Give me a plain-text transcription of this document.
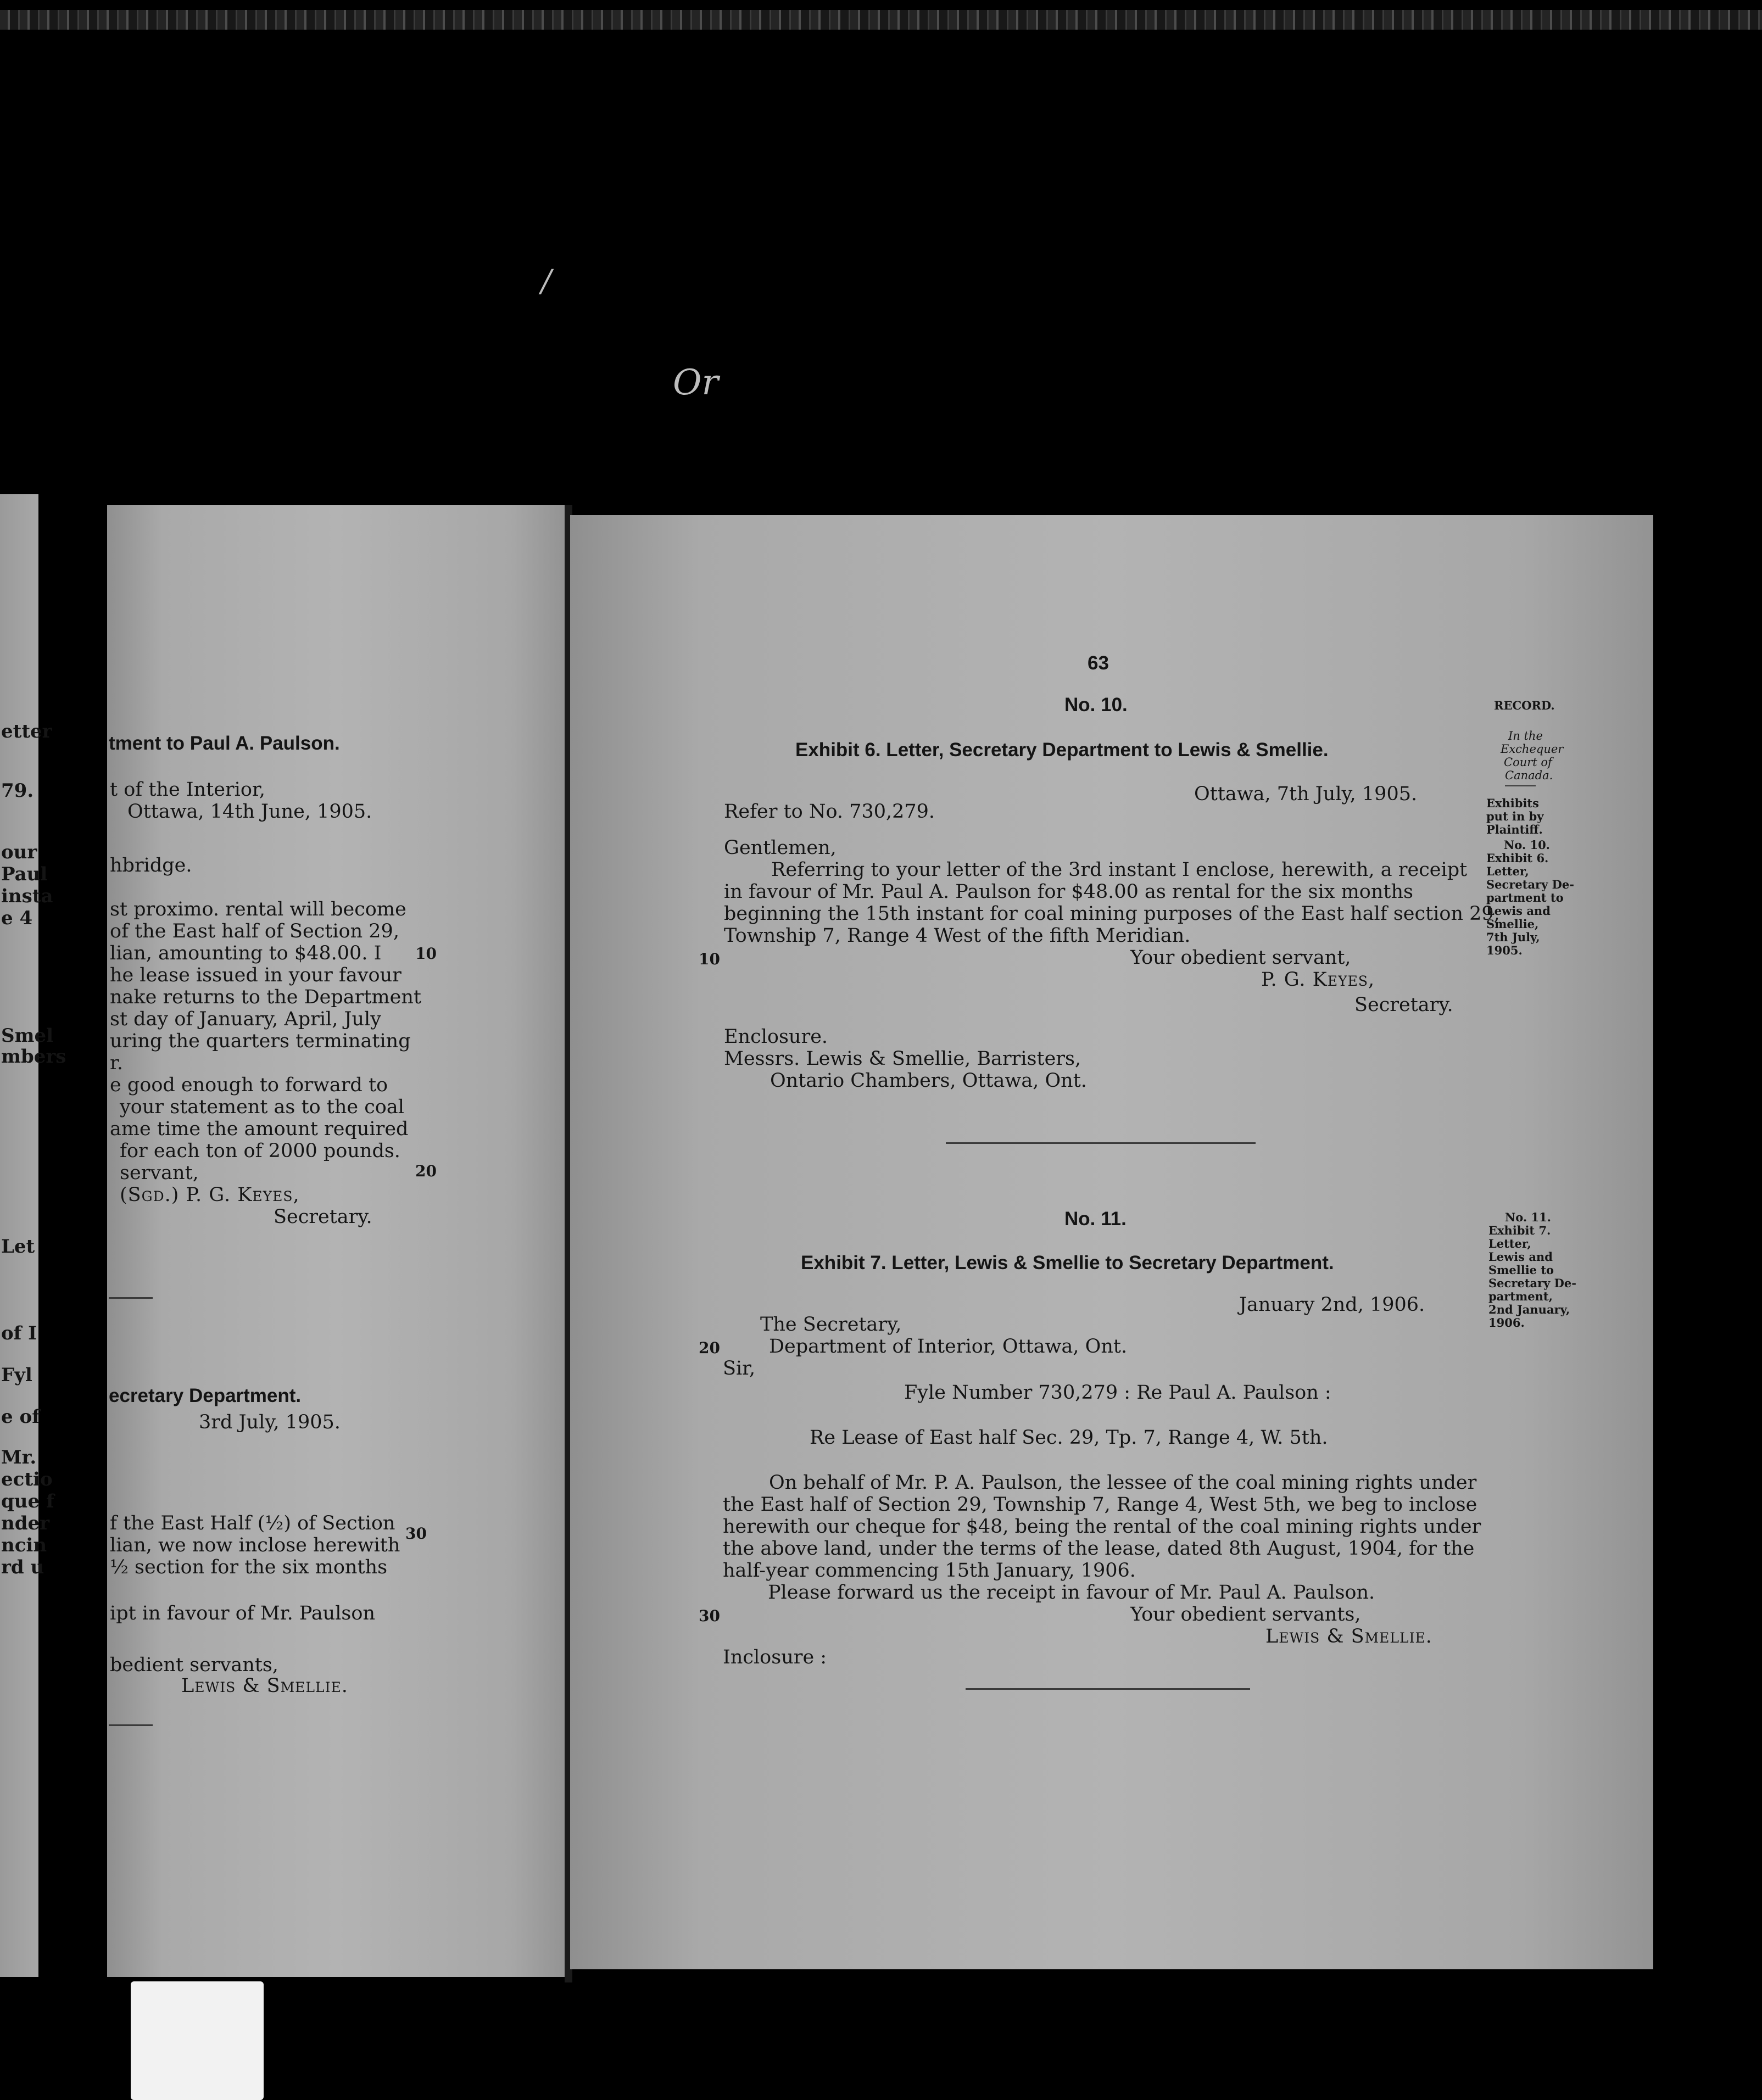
Or
/
etter
79.
our
Paul
insta
e 4
Smel
mbers
Let
of I
Fyl
e of
Mr.
ectio
que f
nder
ncin
rd u
tment to Paul A. Paulson.
t of the Interior,
Ottawa, 14th June, 1905.
hbridge.
st proximo. rental will become
of the East half of Section 29,
lian, amounting to $48.00. I
he lease issued in your favour
nake returns to the Department
st day of January, April, July
uring the quarters terminating
r.
e good enough to forward to
your statement as to the coal
ame time the amount required
for each ton of 2000 pounds.
servant,
(Sgd.) P. G. Keyes,
Secretary.
ecretary Department.
3rd July, 1905.
f the East Half (½) of Section
lian, we now inclose herewith
½ section for the six months
ipt in favour of Mr. Paulson
bedient servants,
Lewis & Smellie.
10
20
30
63
No. 10.
Exhibit 6. Letter, Secretary Department to Lewis & Smellie.
Ottawa, 7th July, 1905.
Refer to No. 730,279.
Gentlemen,
Referring to your letter of the 3rd instant I enclose, herewith, a receipt
in favour of Mr. Paul A. Paulson for $48.00 as rental for the six months
beginning the 15th instant for coal mining purposes of the East half section 29,
Township 7, Range 4 West of the fifth Meridian.
Your obedient servant,
P. G. Keyes,
Secretary.
Enclosure.
Messrs. Lewis & Smellie, Barristers,
Ontario Chambers, Ottawa, Ont.
No. 11.
Exhibit 7. Letter, Lewis & Smellie to Secretary Department.
January 2nd, 1906.
The Secretary,
Department of Interior, Ottawa, Ont.
Sir,
Fyle Number 730,279 : Re Paul A. Paulson :
Re Lease of East half Sec. 29, Tp. 7, Range 4, W. 5th.
On behalf of Mr. P. A. Paulson, the lessee of the coal mining rights under
the East half of Section 29, Township 7, Range 4, West 5th, we beg to inclose
herewith our cheque for $48, being the rental of the coal mining rights under
the above land, under the terms of the lease, dated 8th August, 1904, for the
half-year commencing 15th January, 1906.
Please forward us the receipt in favour of Mr. Paul A. Paulson.
Your obedient servants,
Lewis & Smellie.
Inclosure :
10
20
30
RECORD.
In the
Exchequer
Court of
Canada.
Exhibits
put in by
Plaintiff.
No. 10.
Exhibit 6.
Letter,
Secretary De-
partment to
Lewis and
Smellie,
7th July,
1905.
No. 11.
Exhibit 7.
Letter,
Lewis and
Smellie to
Secretary De-
partment,
2nd January,
1906.
